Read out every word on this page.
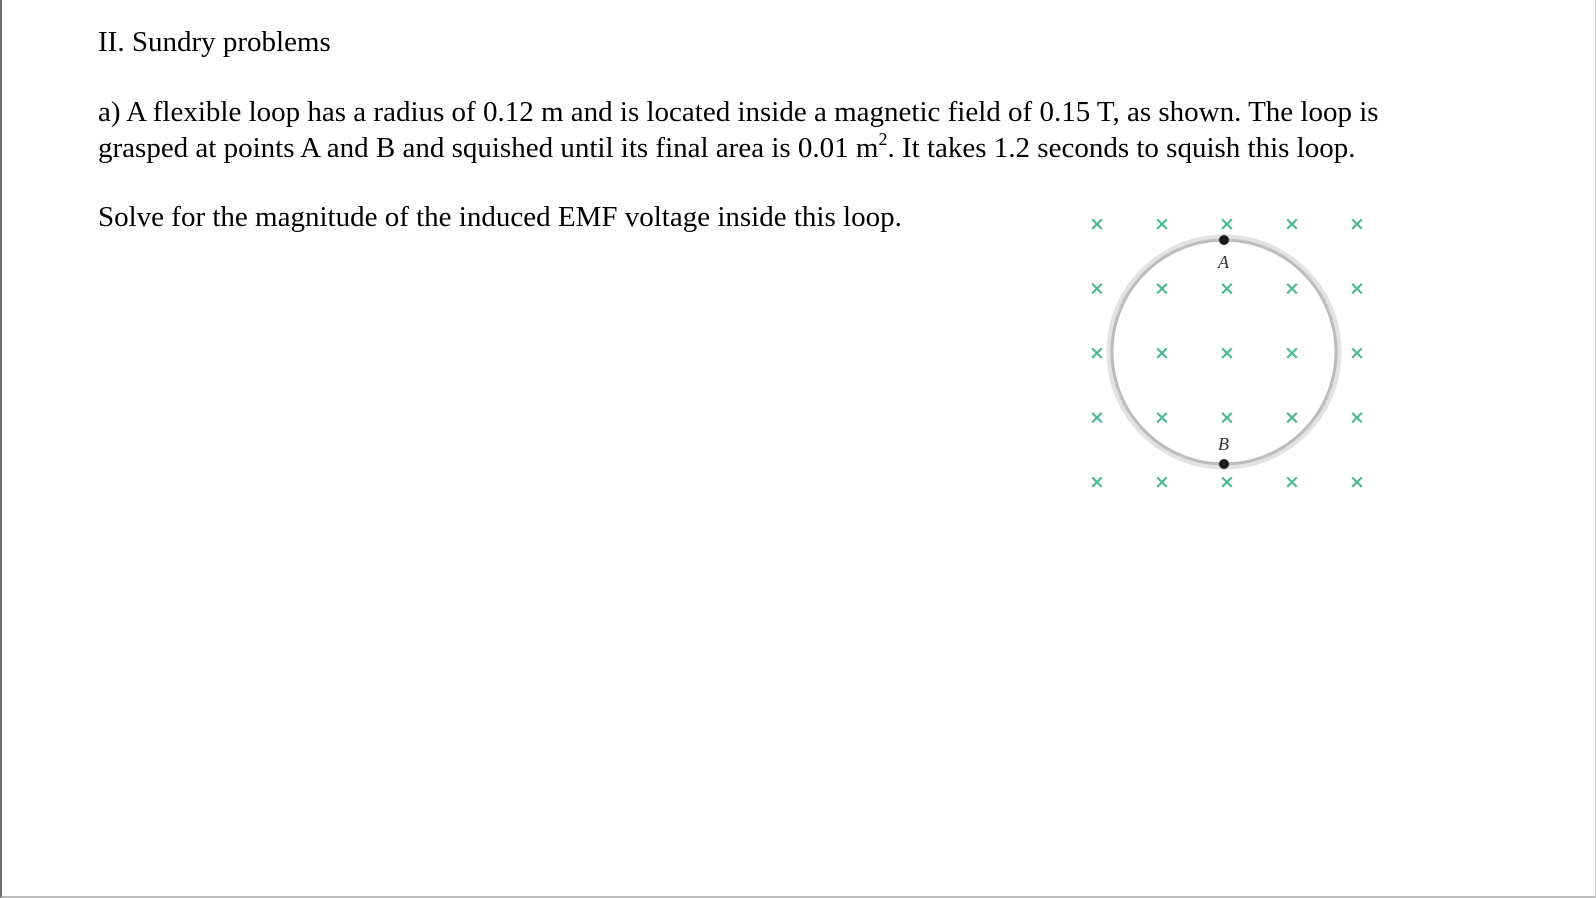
II. Sundry problems

a) A flexible loop has a radius of 0.12 m and is located inside a magnetic field of 0.15 T, as shown. The loop is
grasped at points A and B and squished until its final area is 0.01 $m^2$. It takes 1.2 seconds to squish this loop.

Solve for the magnitude of the induced EMF voltage inside this loop.	×	×	×	×	×
×	×	×	×	×
×	×	×	×	×
×	×	×	×	×
×	×	×	×	×
A
B
